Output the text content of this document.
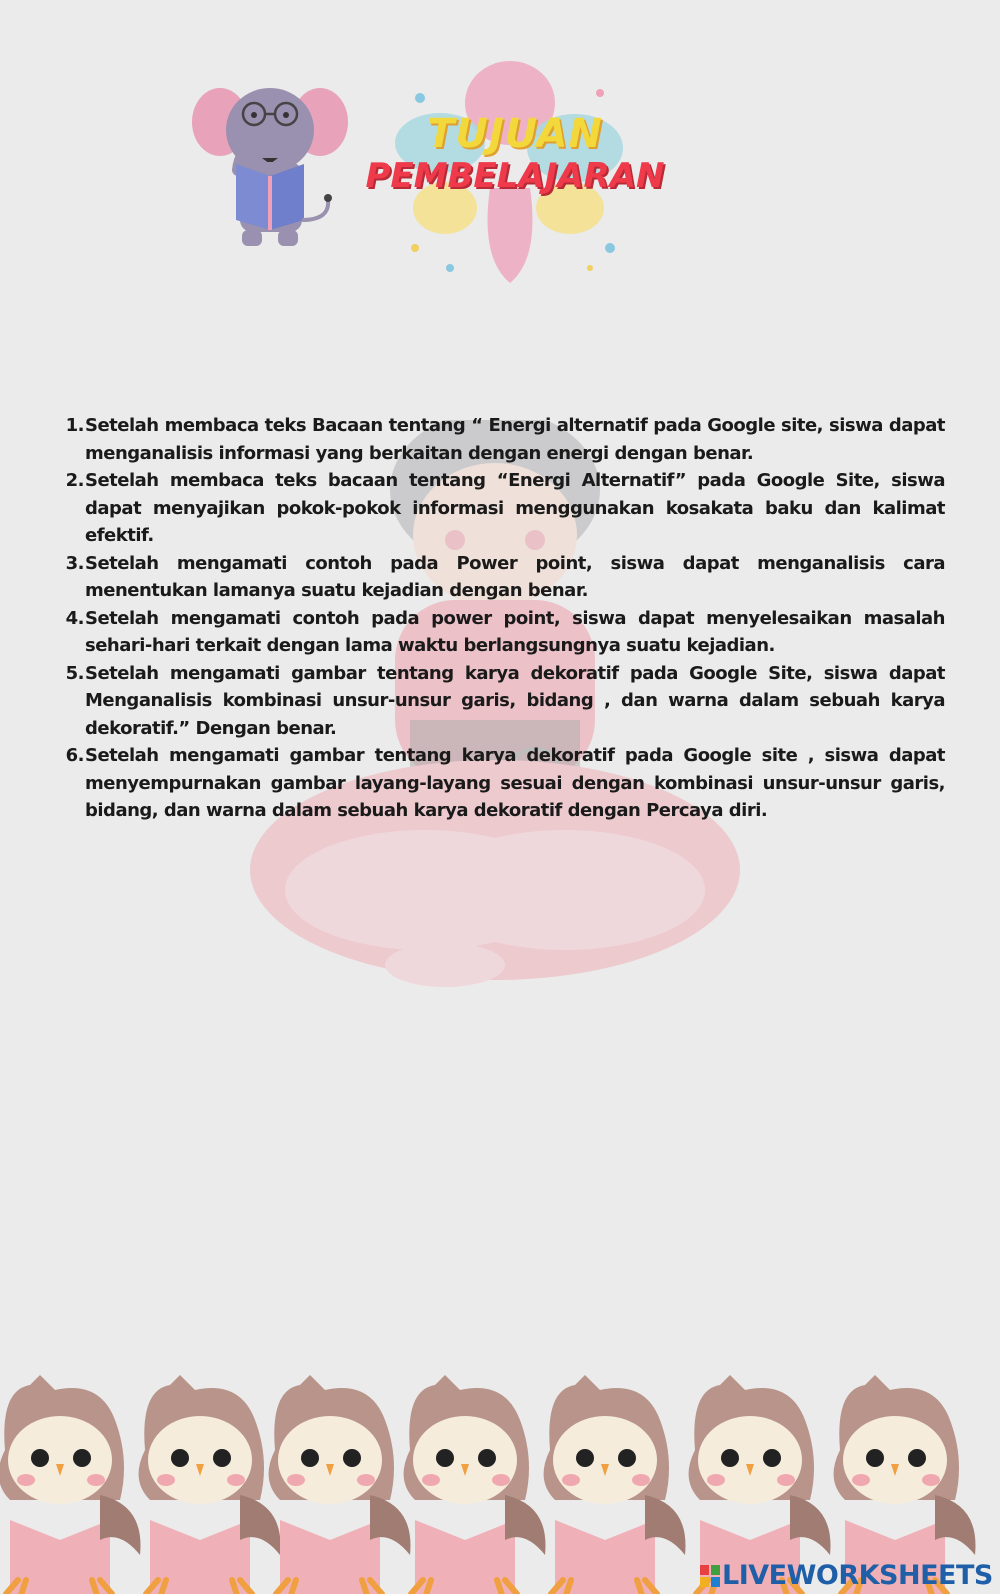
TUJUAN
PEMBELAJARAN
1. Setelah membaca teks Bacaan tentang “ Energi alternatif pada Google site, siswa dapat menganalisis informasi yang berkaitan dengan energi dengan benar.
2. Setelah membaca teks bacaan tentang “Energi Alternatif” pada Google Site, siswa dapat menyajikan pokok-pokok informasi menggunakan kosakata baku dan kalimat efektif.
3. Setelah mengamati contoh pada Power point, siswa dapat menganalisis cara menentukan lamanya suatu kejadian dengan benar.
4. Setelah mengamati contoh pada power point, siswa dapat menyelesaikan masalah sehari-hari terkait dengan lama waktu berlangsungnya suatu kejadian.
5. Setelah mengamati gambar tentang karya dekoratif pada Google Site, siswa dapat Menganalisis kombinasi unsur-unsur garis, bidang , dan warna dalam sebuah karya dekoratif.” Dengan benar.
6. Setelah mengamati gambar tentang karya dekoratif pada Google site , siswa dapat menyempurnakan gambar layang-layang sesuai dengan kombinasi unsur-unsur garis, bidang, dan warna dalam sebuah karya dekoratif dengan Percaya diri.
LIVEWORKSHEETS
